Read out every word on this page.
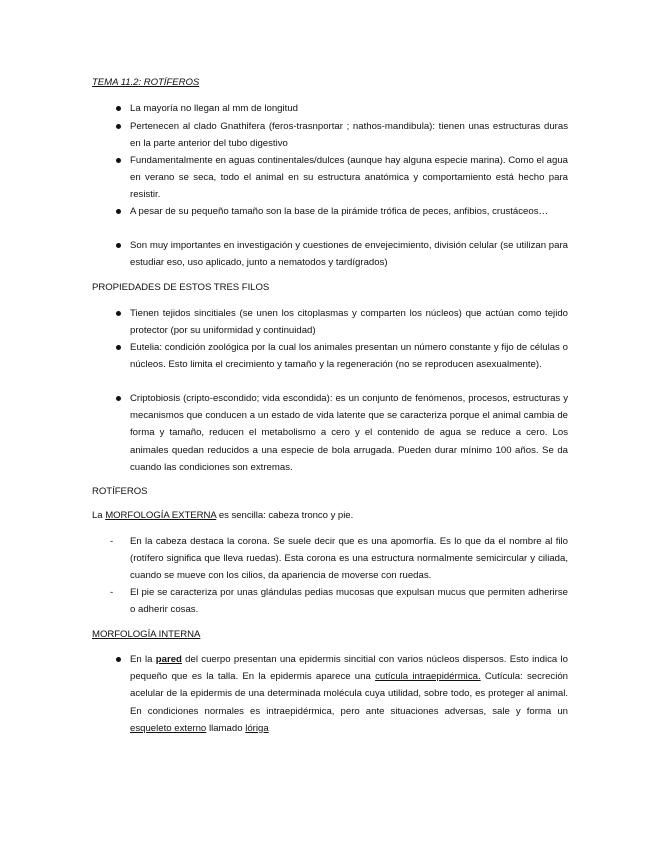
TEMA 11.2: ROTÍFEROS
La mayoría no llegan al mm de longitud
Pertenecen al clado Gnathifera (feros-trasnportar ; nathos-mandibula): tienen unas estructuras duras en la parte anterior del tubo digestivo
Fundamentalmente en aguas continentales/dulces (aunque hay alguna especie marina). Como el agua en verano se seca, todo el animal en su estructura anatómica y comportamiento está hecho para resistir.
A pesar de su pequeño tamaño son la base de la pirámide trófica de peces, anfibios, crustáceos…
Son muy importantes en investigación y cuestiones de envejecimiento, división celular (se utilizan para estudiar eso, uso aplicado, junto a nematodos y tardígrados)
PROPIEDADES DE ESTOS TRES FILOS
Tienen tejidos sincitiales (se unen los citoplasmas y comparten los núcleos) que actúan como tejido protector (por su uniformidad y continuidad)
Eutelia: condición zoológica por la cual los animales presentan un número constante y fijo de células o núcleos. Esto limita el crecimiento y tamaño y la regeneración (no se reproducen asexualmente).
Criptobiosis (cripto-escondido; vida escondida): es un conjunto de fenómenos, procesos, estructuras y mecanismos que conducen a un estado de vida latente que se caracteriza porque el animal cambia de forma y tamaño, reducen el metabolismo a cero y el contenido de agua se reduce a cero. Los animales quedan reducidos a una especie de bola arrugada. Pueden durar mínimo 100 años. Se da cuando las condiciones son extremas.
ROTÍFEROS
La MORFOLOGÍA EXTERNA es sencilla: cabeza tronco y pie.
- En la cabeza destaca la corona. Se suele decir que es una apomorfía. Es lo que da el nombre al filo (rotífero significa que lleva ruedas). Esta corona es una estructura normalmente semicircular y ciliada, cuando se mueve con los cilios, da apariencia de moverse con ruedas.
- El pie se caracteriza por unas glándulas pedias mucosas que expulsan mucus que permiten adherirse o adherir cosas.
MORFOLOGÍA INTERNA
En la pared del cuerpo presentan una epidermis sincitial con varios núcleos dispersos. Esto indica lo pequeño que es la talla. En la epidermis aparece una cutícula intraepidérmica. Cutícula: secreción acelular de la epidermis de una determinada molécula cuya utilidad, sobre todo, es proteger al animal. En condiciones normales es intraepidérmica, pero ante situaciones adversas, sale y forma un esqueleto externo llamado lóriga
